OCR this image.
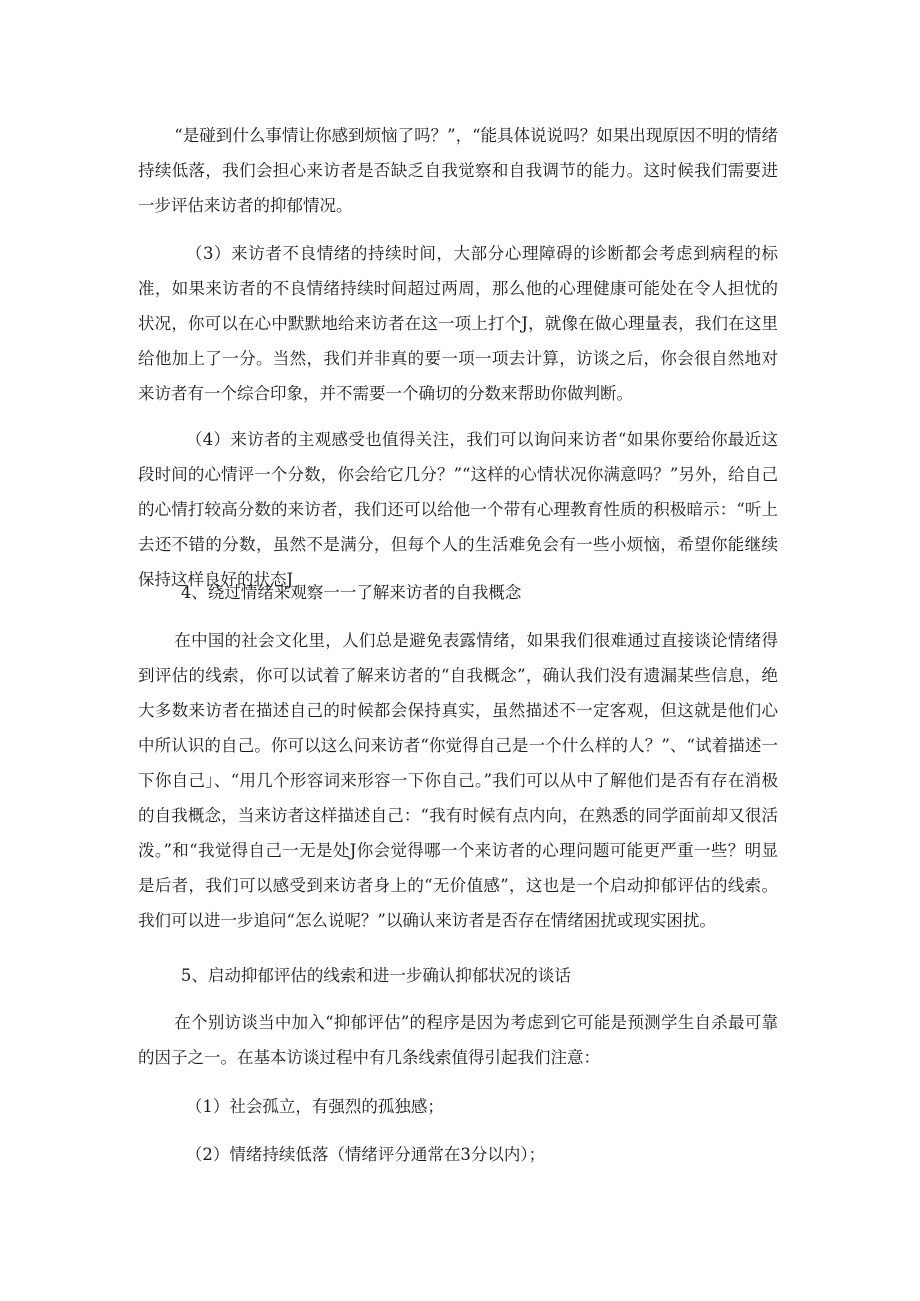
“是碰到什么事情让你感到烦恼了吗？”，“能具体说说吗？如果出现原因不明的情绪持续低落，我们会担心来访者是否缺乏自我觉察和自我调节的能力。这时候我们需要进一步评估来访者的抑郁情况。

（3）来访者不良情绪的持续时间，大部分心理障碍的诊断都会考虑到病程的标准，如果来访者的不良情绪持续时间超过两周，那么他的心理健康可能处在令人担忧的状况，你可以在心中默默地给来访者在这一项上打个J，就像在做心理量表，我们在这里给他加上了一分。当然，我们并非真的要一项一项去计算，访谈之后，你会很自然地对来访者有一个综合印象，并不需要一个确切的分数来帮助你做判断。

（4）来访者的主观感受也值得关注，我们可以询问来访者“如果你要给你最近这段时间的心情评一个分数，你会给它几分？”“这样的心情状况你满意吗？”另外，给自己的心情打较高分数的来访者，我们还可以给他一个带有心理教育性质的积极暗示：“听上去还不错的分数，虽然不是满分，但每个人的生活难免会有一些小烦恼，希望你能继续保持这样良好的状态J

4、绕过情绪来观察一一了解来访者的自我概念

在中国的社会文化里，人们总是避免表露情绪，如果我们很难通过直接谈论情绪得到评估的线索，你可以试着了解来访者的“自我概念”，确认我们没有遗漏某些信息，绝大多数来访者在描述自己的时候都会保持真实，虽然描述不一定客观，但这就是他们心中所认识的自己。你可以这么问来访者“你觉得自己是一个什么样的人？”、“试着描述一下你自己」、“用几个形容词来形容一下你自己。”我们可以从中了解他们是否有存在消极的自我概念，当来访者这样描述自己：“我有时候有点内向，在熟悉的同学面前却又很活泼。”和“我觉得自己一无是处J你会觉得哪一个来访者的心理问题可能更严重一些？明显是后者，我们可以感受到来访者身上的“无价值感”，这也是一个启动抑郁评估的线索。我们可以进一步追问“怎么说呢？”以确认来访者是否存在情绪困扰或现实困扰。

5、启动抑郁评估的线索和进一步确认抑郁状况的谈话

在个别访谈当中加入“抑郁评估”的程序是因为考虑到它可能是预测学生自杀最可靠的因子之一。在基本访谈过程中有几条线索值得引起我们注意：

（1）社会孤立，有强烈的孤独感；

（2）情绪持续低落（情绪评分通常在3分以内）；
